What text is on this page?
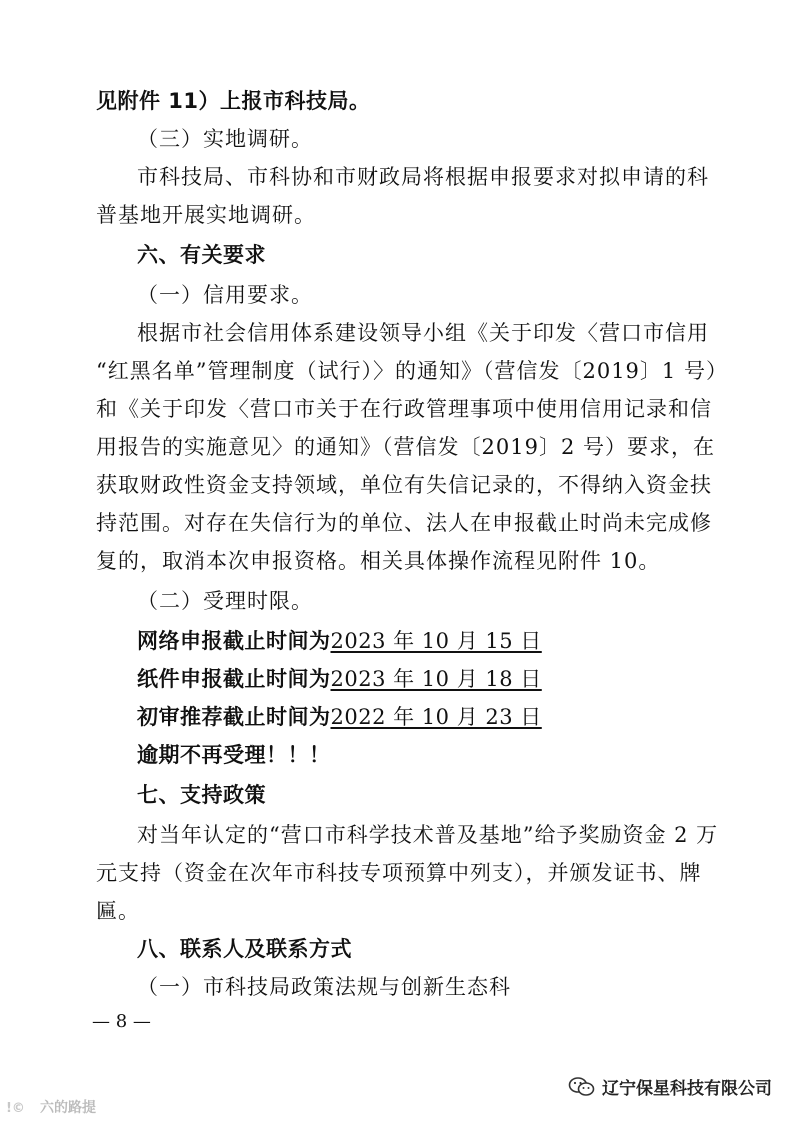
见附件 11）上报市科技局。
（三）实地调研。
市科技局、市科协和市财政局将根据申报要求对拟申请的科
普基地开展实地调研。
六、有关要求
（一）信用要求。
根据市社会信用体系建设领导小组《关于印发〈营口市信用
“红黑名单”管理制度（试行）〉的通知》（营信发〔2019〕1 号）
和《关于印发〈营口市关于在行政管理事项中使用信用记录和信
用报告的实施意见〉的通知》（营信发〔2019〕2 号）要求，在
获取财政性资金支持领域，单位有失信记录的，不得纳入资金扶
持范围。对存在失信行为的单位、法人在申报截止时尚未完成修
复的，取消本次申报资格。相关具体操作流程见附件 10。
（二）受理时限。
网络申报截止时间为2023 年 10 月 15 日
纸件申报截止时间为2023 年 10 月 18 日
初审推荐截止时间为2022 年 10 月 23 日
逾期不再受理！！！
七、支持政策
对当年认定的“营口市科学技术普及基地”给予奖励资金 2 万
元支持（资金在次年市科技专项预算中列支），并颁发证书、牌
匾。
八、联系人及联系方式
（一）市科技局政策法规与创新生态科
— 8 —
辽宁保星科技有限公司
!© 六的路提
